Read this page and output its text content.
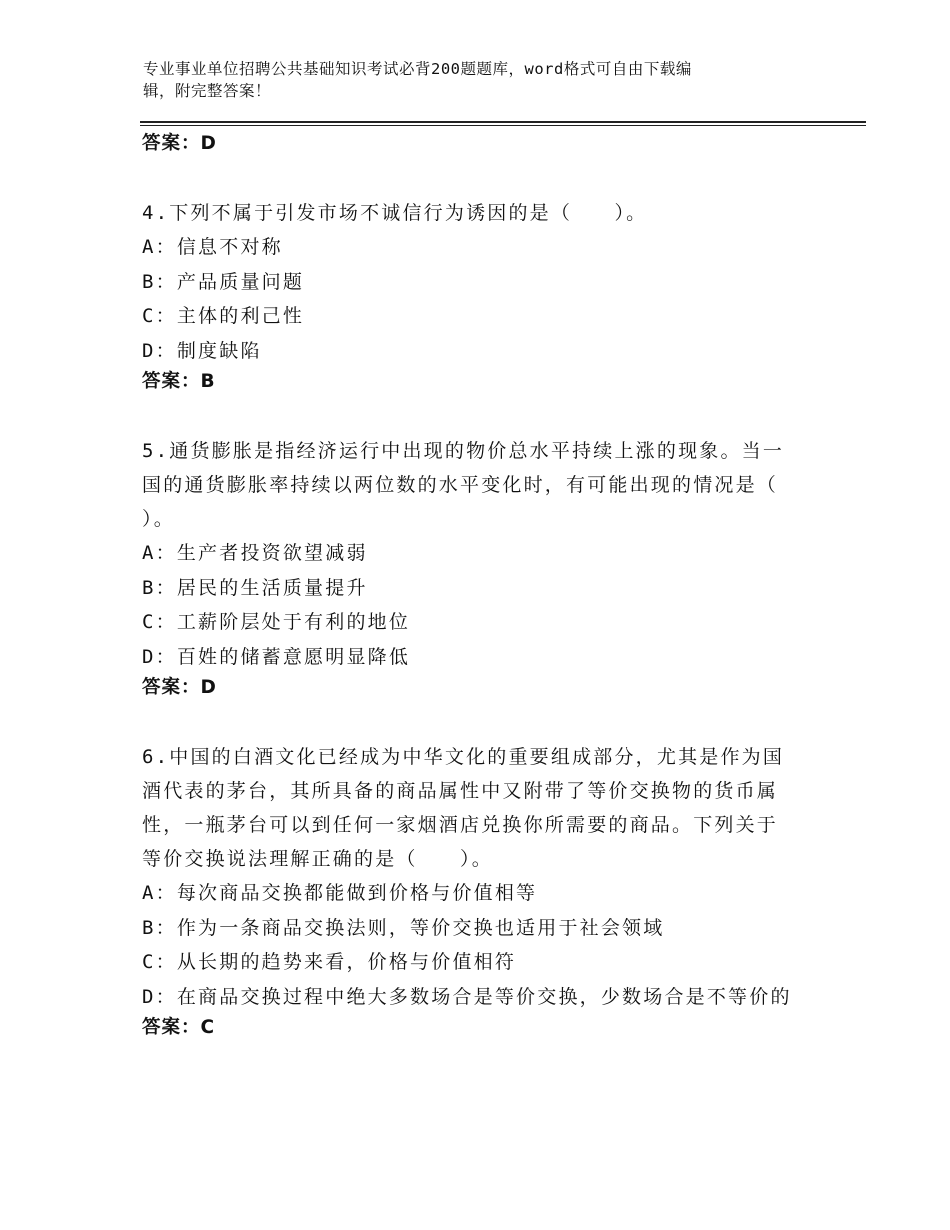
专业事业单位招聘公共基础知识考试必背200题题库，word格式可自由下载编
辑，附完整答案！
答案：D

4.下列不属于引发市场不诚信行为诱因的是（　　）。

A：信息不对称

B：产品质量问题

C：主体的利己性

D：制度缺陷

答案：B

5.通货膨胀是指经济运行中出现的物价总水平持续上涨的现象。当一

国的通货膨胀率持续以两位数的水平变化时，有可能出现的情况是（

）。

A：生产者投资欲望减弱

B：居民的生活质量提升

C：工薪阶层处于有利的地位

D：百姓的储蓄意愿明显降低

答案：D

6.中国的白酒文化已经成为中华文化的重要组成部分，尤其是作为国

酒代表的茅台，其所具备的商品属性中又附带了等价交换物的货币属

性，一瓶茅台可以到任何一家烟酒店兑换你所需要的商品。下列关于

等价交换说法理解正确的是（　　）。

A：每次商品交换都能做到价格与价值相等

B：作为一条商品交换法则，等价交换也适用于社会领域

C：从长期的趋势来看，价格与价值相符

D：在商品交换过程中绝大多数场合是等价交换，少数场合是不等价的

答案：C
